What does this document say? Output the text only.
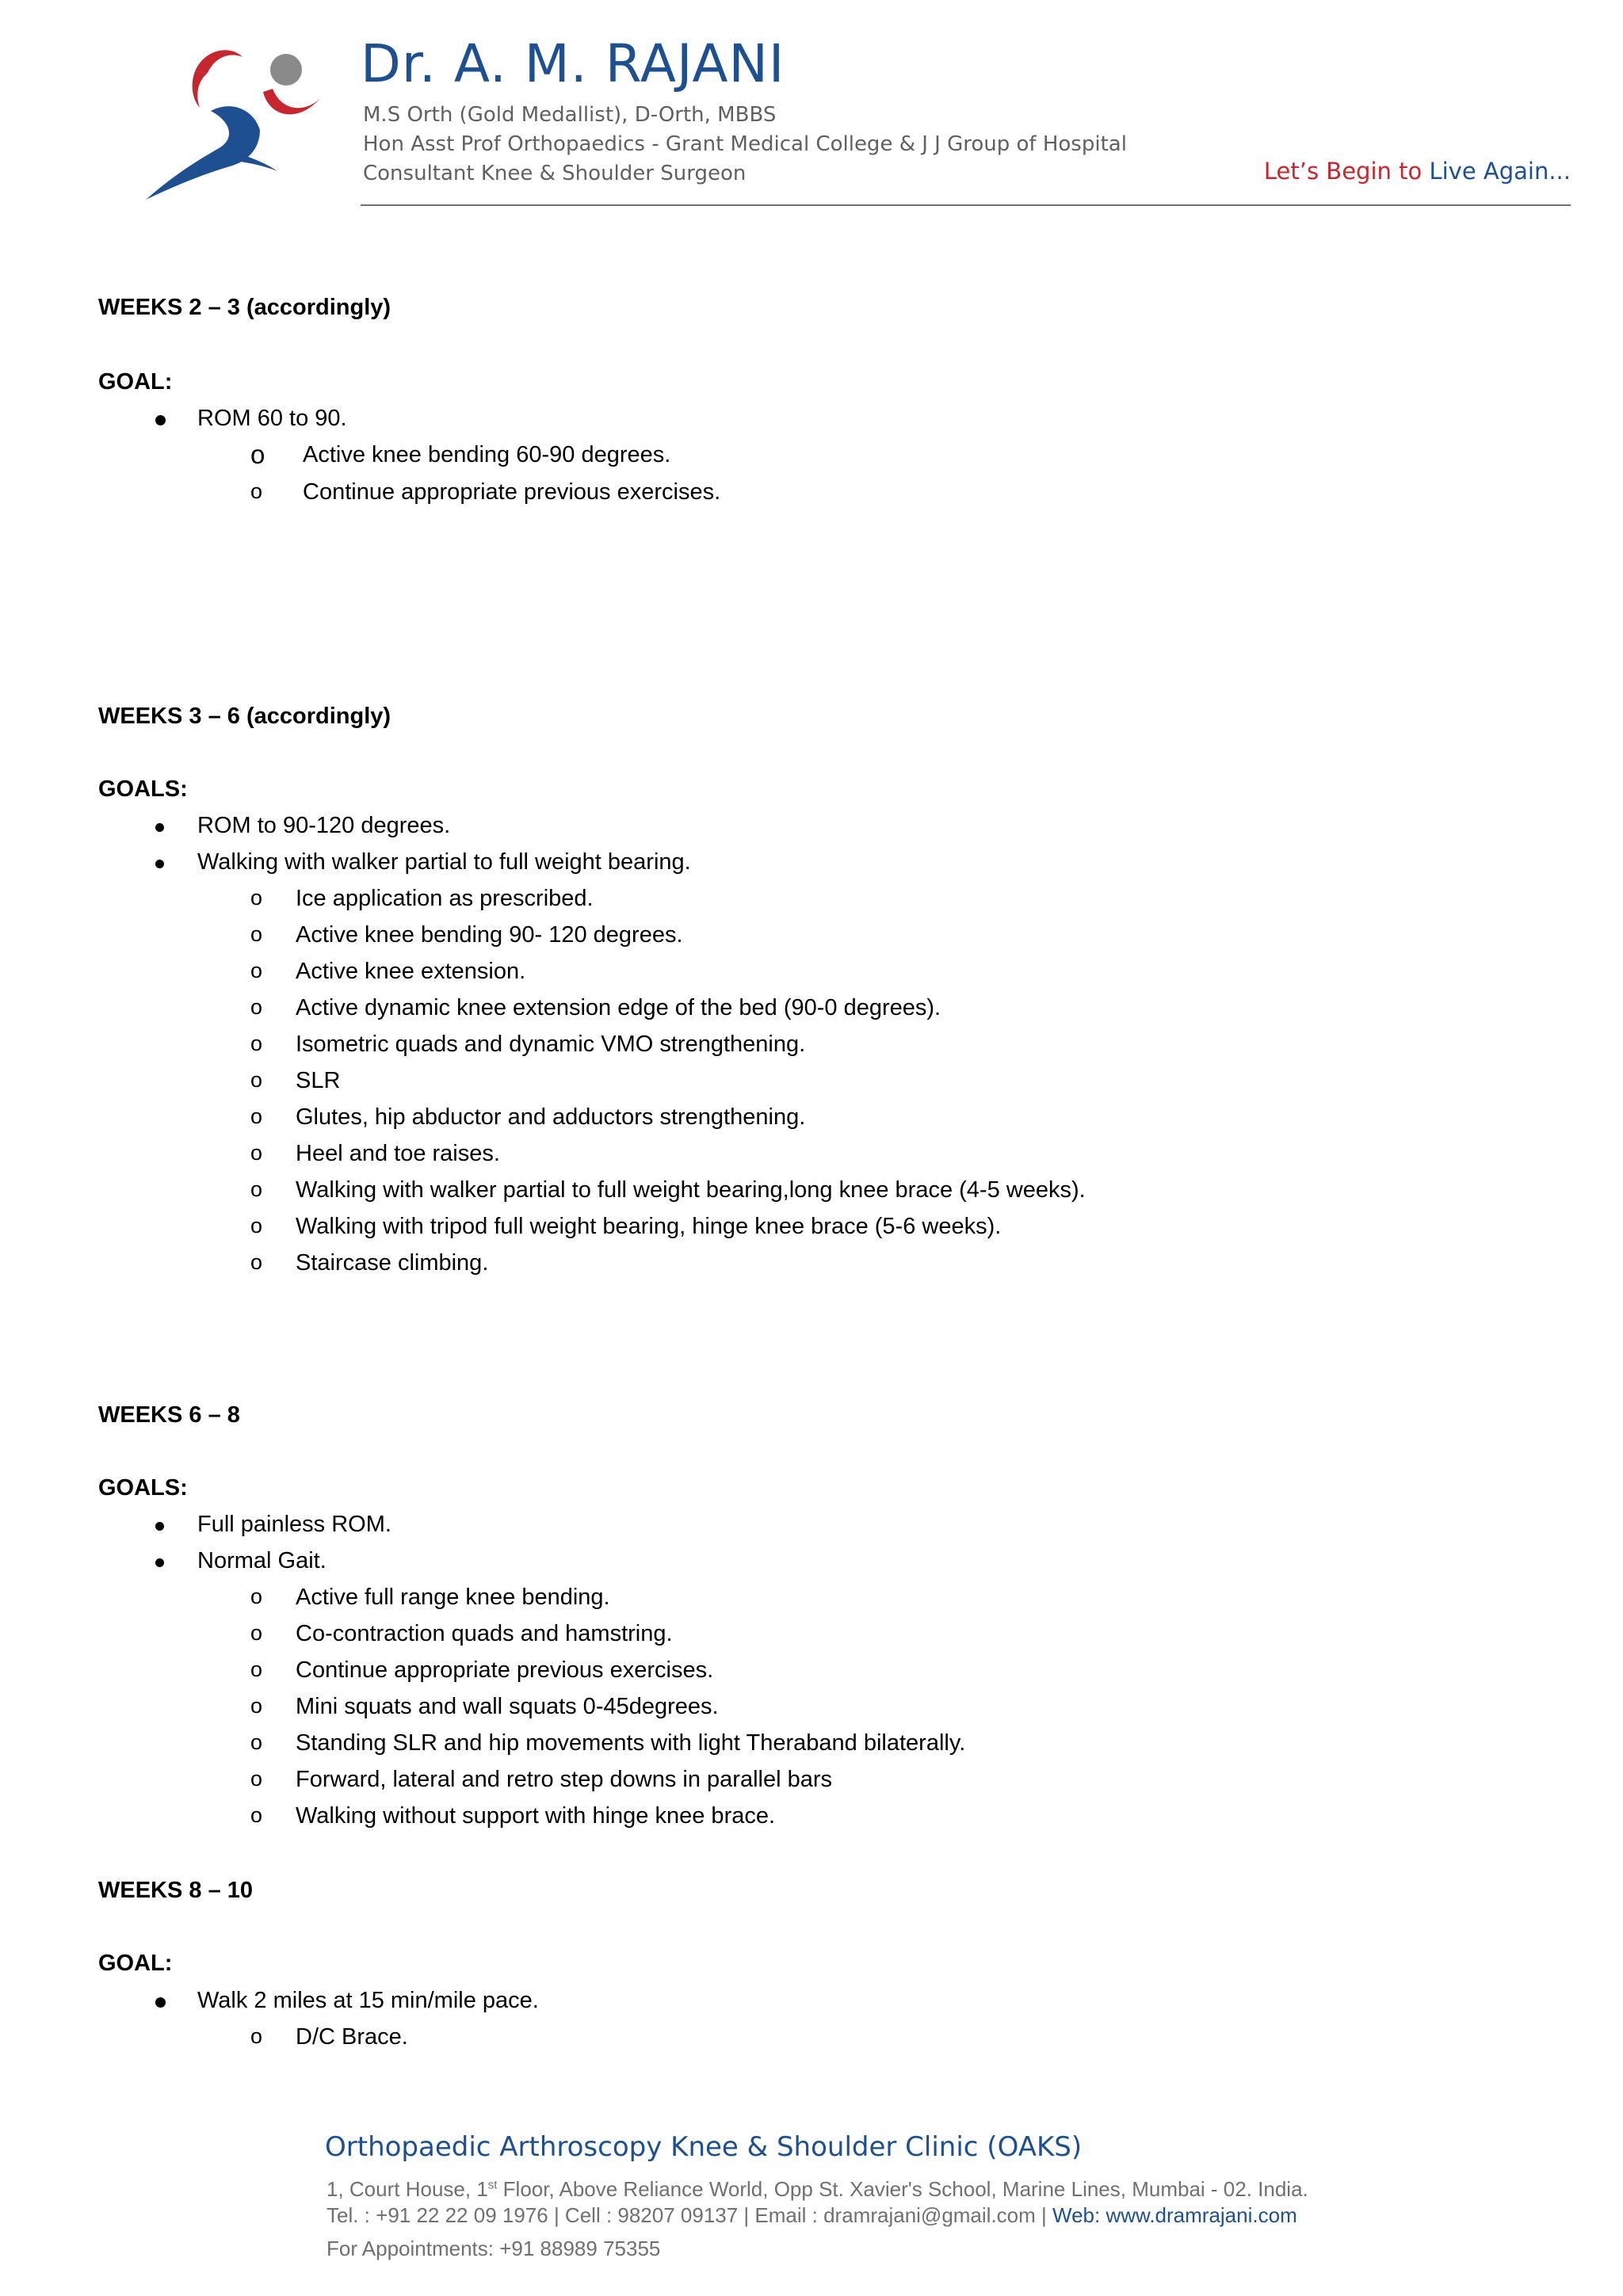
Dr. A. M. RAJANI
M.S Orth (Gold Medallist), D-Orth, MBBS
Hon Asst Prof Orthopaedics - Grant Medical College & J J Group of Hospital
Consultant Knee & Shoulder Surgeon	Let’s Begin to Live Again...
WEEKS 2 – 3 (accordingly)
GOAL:
ROM 60 to 90.
o Active knee bending 60-90 degrees.
o Continue appropriate previous exercises.
WEEKS 3 – 6 (accordingly)
GOALS:
ROM to 90-120 degrees.
Walking with walker partial to full weight bearing.
o Ice application as prescribed.
o Active knee bending 90- 120 degrees.
o Active knee extension.
o Active dynamic knee extension edge of the bed (90-0 degrees).
o Isometric quads and dynamic VMO strengthening.
o SLR
o Glutes, hip abductor and adductors strengthening.
o Heel and toe raises.
o Walking with walker partial to full weight bearing,long knee brace (4-5 weeks).
o Walking with tripod full weight bearing, hinge knee brace (5-6 weeks).
o Staircase climbing.
WEEKS 6 – 8
GOALS:
Full painless ROM.
Normal Gait.
o Active full range knee bending.
o Co-contraction quads and hamstring.
o Continue appropriate previous exercises.
o Mini squats and wall squats 0-45degrees.
o Standing SLR and hip movements with light Theraband bilaterally.
o Forward, lateral and retro step downs in parallel bars
o Walking without support with hinge knee brace.
WEEKS 8 – 10
GOAL:
Walk 2 miles at 15 min/mile pace.
o D/C Brace.
Orthopaedic Arthroscopy Knee & Shoulder Clinic (OAKS)
1, Court House, 1st Floor, Above Reliance World, Opp St. Xavier's School, Marine Lines, Mumbai - 02. India.
Tel. : +91 22 22 09 1976 | Cell : 98207 09137 | Email : dramrajani@gmail.com | Web: www.dramrajani.com
For Appointments: +91 88989 75355
